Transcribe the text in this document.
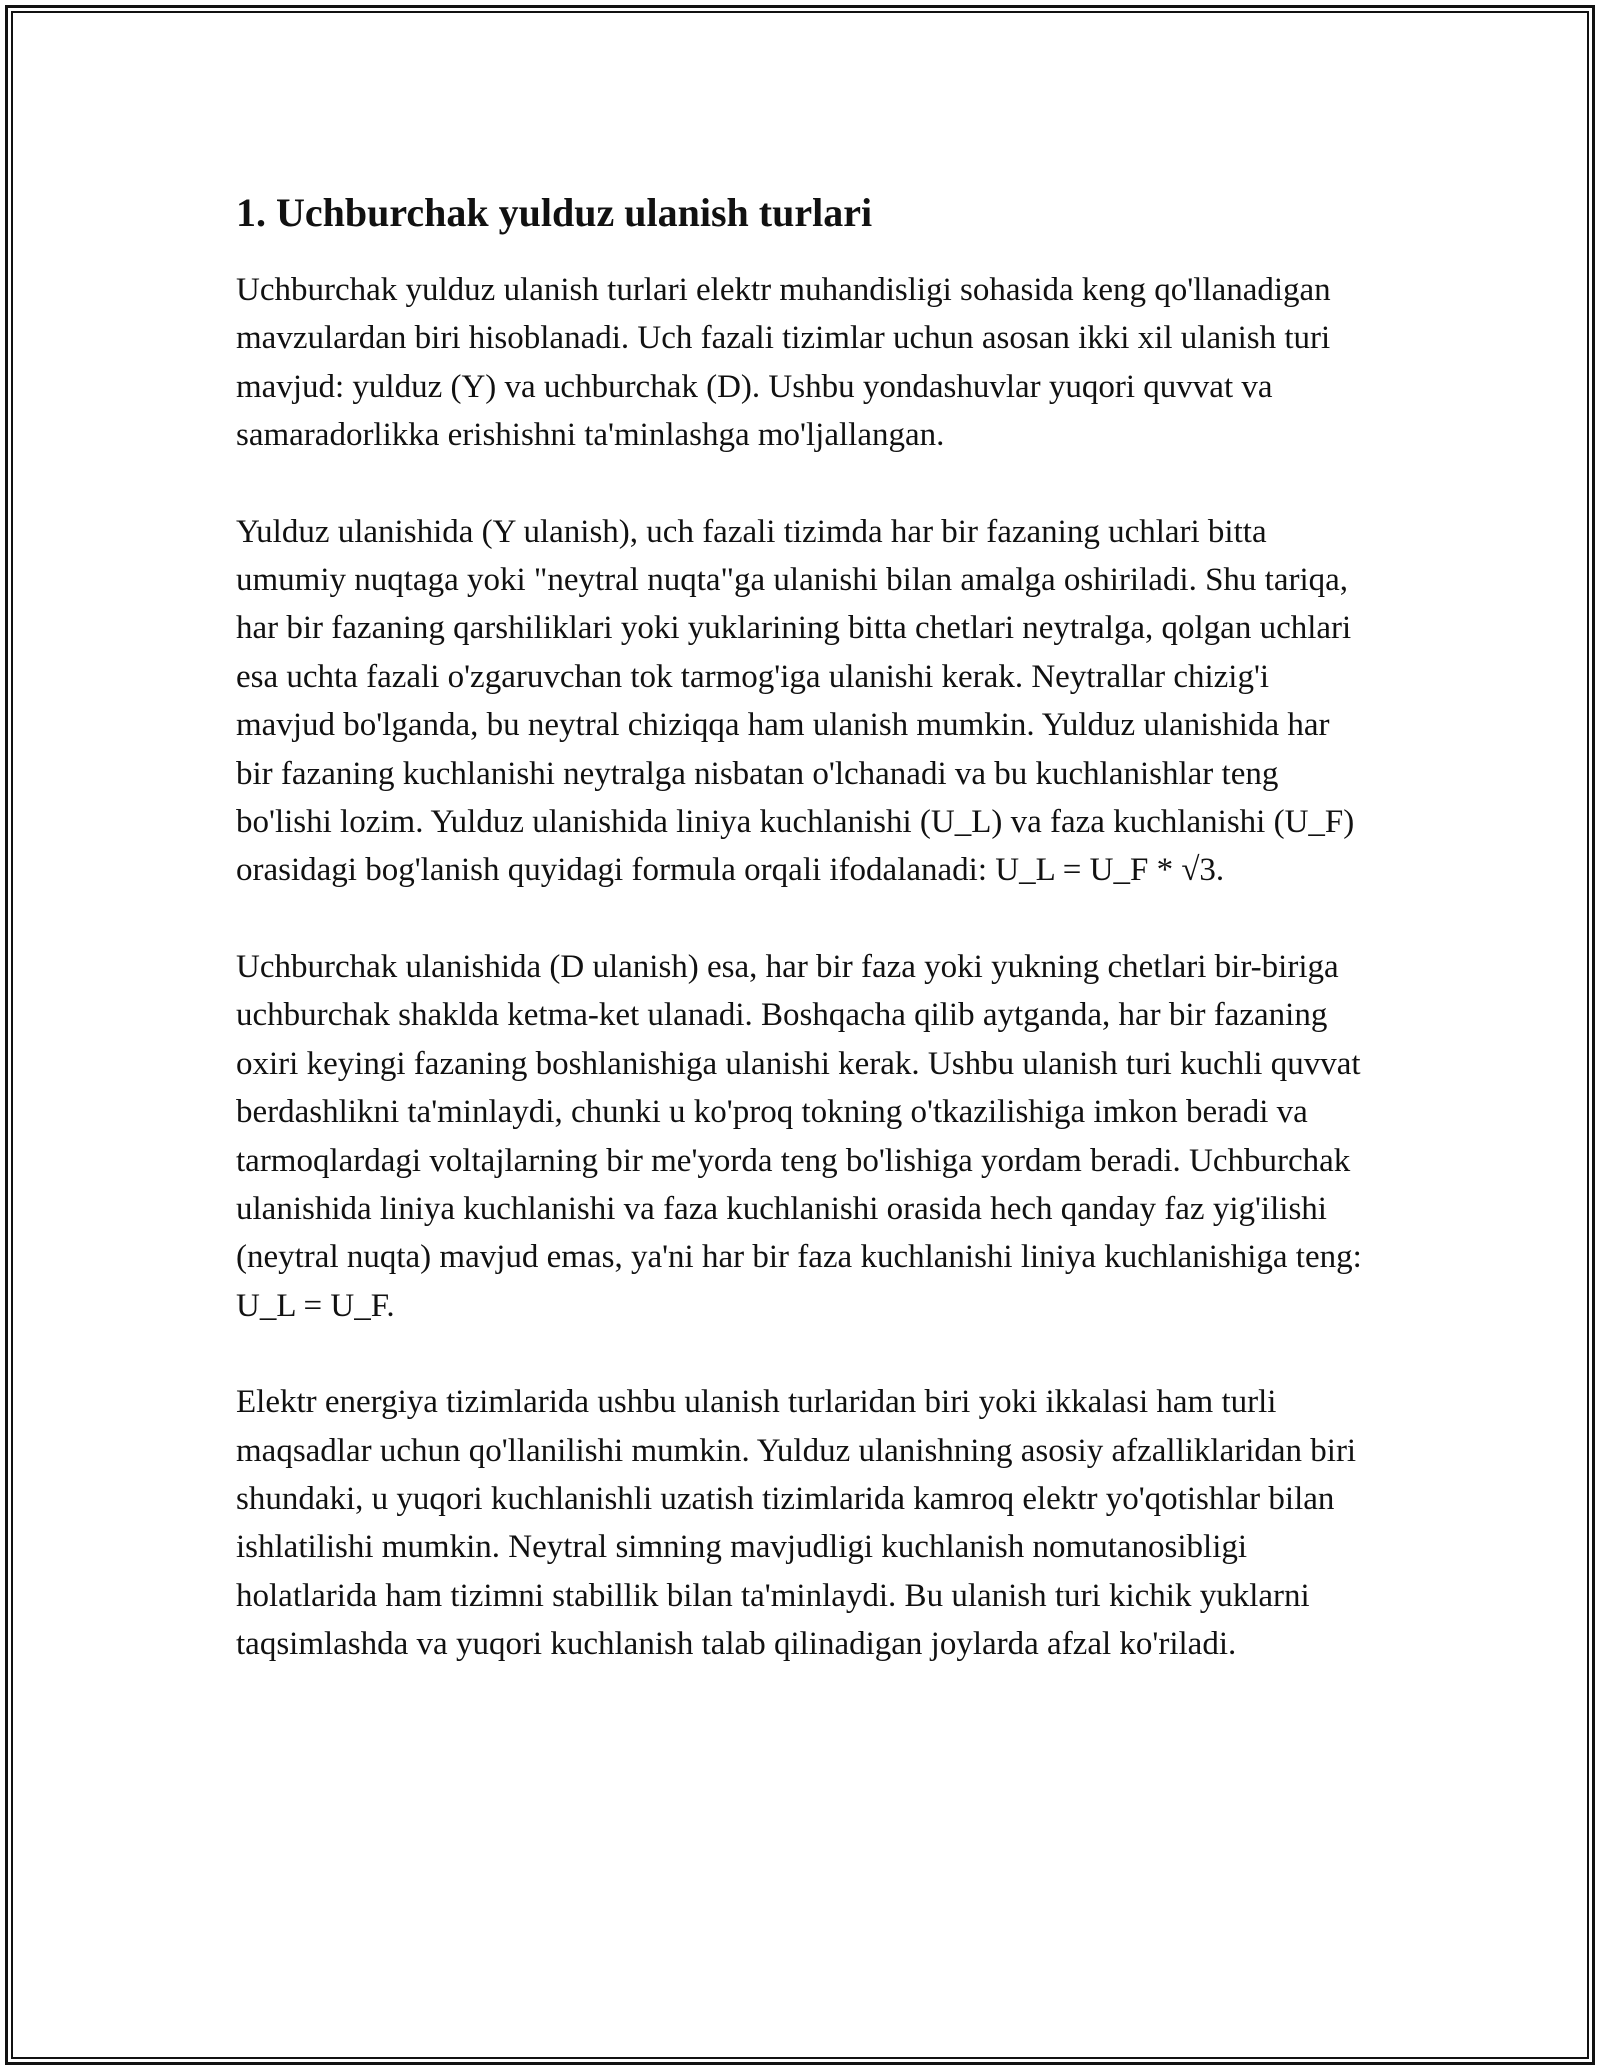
1. Uchburchak yulduz ulanish turlari

Uchburchak yulduz ulanish turlari elektr muhandisligi sohasida keng qo'llanadigan mavzulardan biri hisoblanadi. Uch fazali tizimlar uchun asosan ikki xil ulanish turi mavjud: yulduz (Y) va uchburchak (D). Ushbu yondashuvlar yuqori quvvat va samaradorlikka erishishni ta'minlashga mo'ljallangan.

Yulduz ulanishida (Y ulanish), uch fazali tizimda har bir fazaning uchlari bitta umumiy nuqtaga yoki "neytral nuqta"ga ulanishi bilan amalga oshiriladi. Shu tariqa, har bir fazaning qarshiliklari yoki yuklarining bitta chetlari neytralga, qolgan uchlari esa uchta fazali o'zgaruvchan tok tarmog'iga ulanishi kerak. Neytrallar chizig'i mavjud bo'lganda, bu neytral chiziqqa ham ulanish mumkin. Yulduz ulanishida har bir fazaning kuchlanishi neytralga nisbatan o'lchanadi va bu kuchlanishlar teng bo'lishi lozim. Yulduz ulanishida liniya kuchlanishi (U_L) va faza kuchlanishi (U_F) orasidagi bog'lanish quyidagi formula orqali ifodalanadi: U_L = U_F * √3.

Uchburchak ulanishida (D ulanish) esa, har bir faza yoki yukning chetlari bir-biriga uchburchak shaklda ketma-ket ulanadi. Boshqacha qilib aytganda, har bir fazaning oxiri keyingi fazaning boshlanishiga ulanishi kerak. Ushbu ulanish turi kuchli quvvat berdashlikni ta'minlaydi, chunki u ko'proq tokning o'tkazilishiga imkon beradi va tarmoqlardagi voltajlarning bir me'yorda teng bo'lishiga yordam beradi. Uchburchak ulanishida liniya kuchlanishi va faza kuchlanishi orasida hech qanday faz yig'ilishi (neytral nuqta) mavjud emas, ya'ni har bir faza kuchlanishi liniya kuchlanishiga teng: U_L = U_F.

Elektr energiya tizimlarida ushbu ulanish turlaridan biri yoki ikkalasi ham turli maqsadlar uchun qo'llanilishi mumkin. Yulduz ulanishning asosiy afzalliklaridan biri shundaki, u yuqori kuchlanishli uzatish tizimlarida kamroq elektr yo'qotishlar bilan ishlatilishi mumkin. Neytral simning mavjudligi kuchlanish nomutanosibligi holatlarida ham tizimni stabillik bilan ta'minlaydi. Bu ulanish turi kichik yuklarni taqsimlashda va yuqori kuchlanish talab qilinadigan joylarda afzal ko'riladi.
